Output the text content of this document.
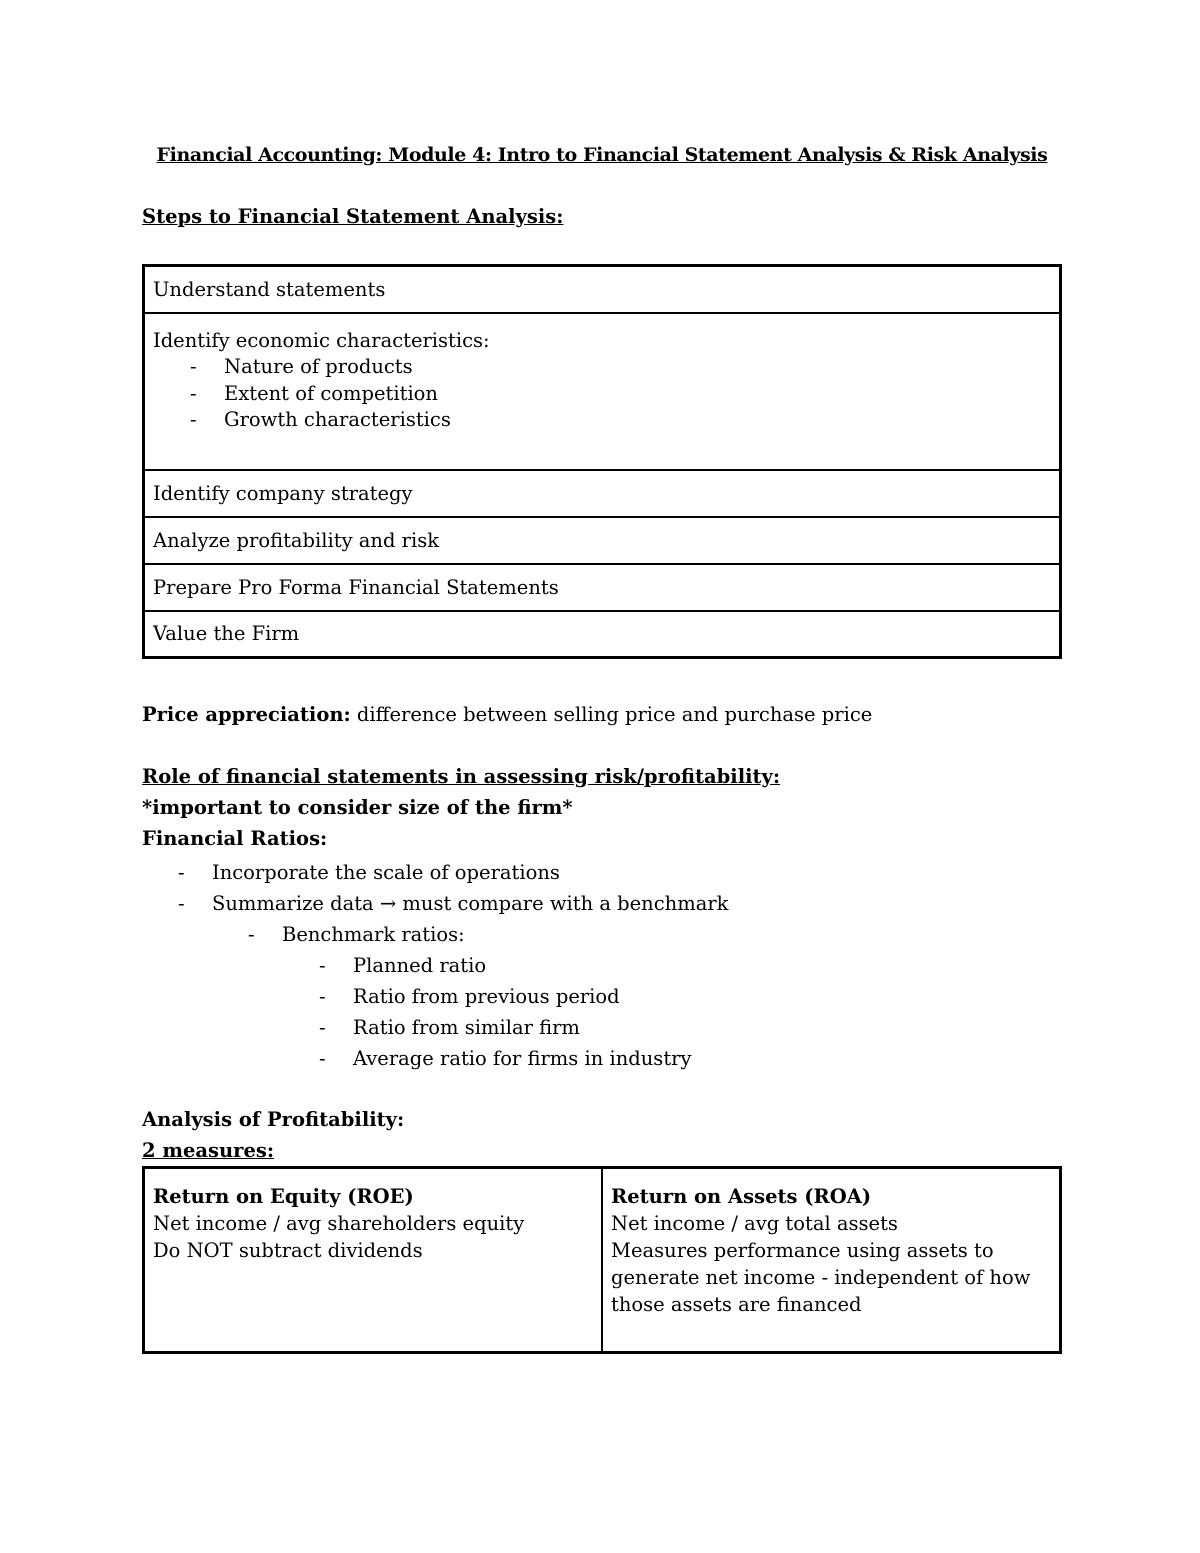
Financial Accounting: Module 4: Intro to Financial Statement Analysis & Risk Analysis
Steps to Financial Statement Analysis:
Understand statements

Identify economic characteristics:
- Nature of products
- Extent of competition
- Growth characteristics

Identify company strategy
Analyze profitability and risk
Prepare Pro Forma Financial Statements
Value the Firm
Price appreciation: difference between selling price and purchase price
Role of financial statements in assessing risk/profitability:
*important to consider size of the firm*
Financial Ratios:
- Incorporate the scale of operations
- Summarize data → must compare with a benchmark
- Benchmark ratios:
- Planned ratio
- Ratio from previous period
- Ratio from similar firm
- Average ratio for firms in industry
Analysis of Profitability:
2 measures:
Return on Equity (ROE)
Net income / avg shareholders equity
Do NOT subtract dividends

Return on Assets (ROA)
Net income / avg total assets
Measures performance using assets to generate net income - independent of how those assets are financed
